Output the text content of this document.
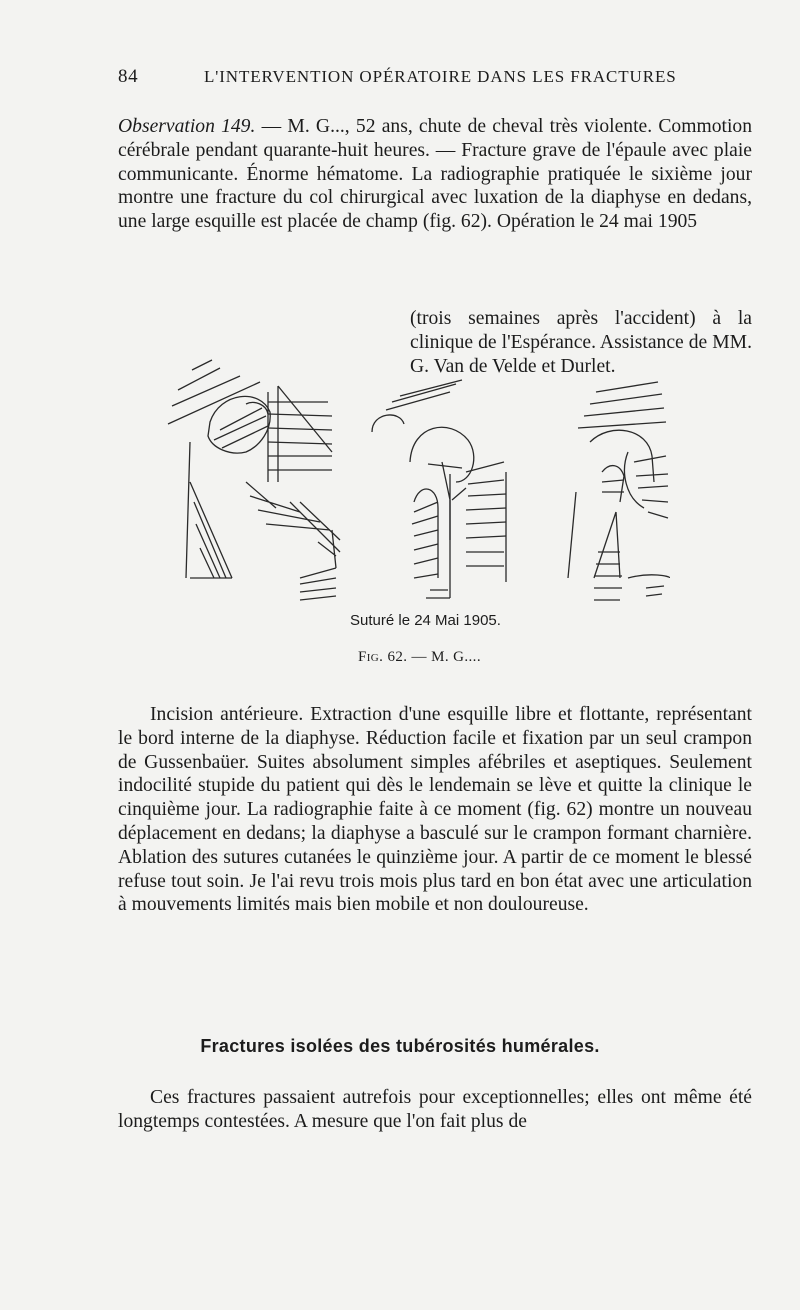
84	L'INTERVENTION OPÉRATOIRE DANS LES FRACTURES

Observation 149. — M. G..., 52 ans, chute de cheval très violente. Commotion cérébrale pendant quarante-huit heures. — Fracture grave de l'épaule avec plaie communicante. Énorme hématome. La radiographie pratiquée le sixième jour montre une fracture du col chirurgical avec luxation de la diaphyse en dedans, une large esquille est placée de champ (fig. 62). Opération le 24 mai 1905

(trois semaines après l'accident) à la clinique de l'Espérance. Assistance de MM. G. Van de Velde et Durlet.

Suturé le 24 Mai 1905.
Fig. 62. — M. G....

Incision antérieure. Extraction d'une esquille libre et flottante, représentant le bord interne de la diaphyse. Réduction facile et fixation par un seul crampon de Gussenbaüer. Suites absolument simples afébriles et aseptiques. Seulement indocilité stupide du patient qui dès le lendemain se lève et quitte la clinique le cinquième jour. La radiographie faite à ce moment (fig. 62) montre un nouveau déplacement en dedans; la diaphyse a basculé sur le crampon formant charnière. Ablation des sutures cutanées le quinzième jour. A partir de ce moment le blessé refuse tout soin. Je l'ai revu trois mois plus tard en bon état avec une articulation à mouvements limités mais bien mobile et non douloureuse.

Fractures isolées des tubérosités humérales.

Ces fractures passaient autrefois pour exceptionnelles; elles ont même été longtemps contestées. A mesure que l'on fait plus de
